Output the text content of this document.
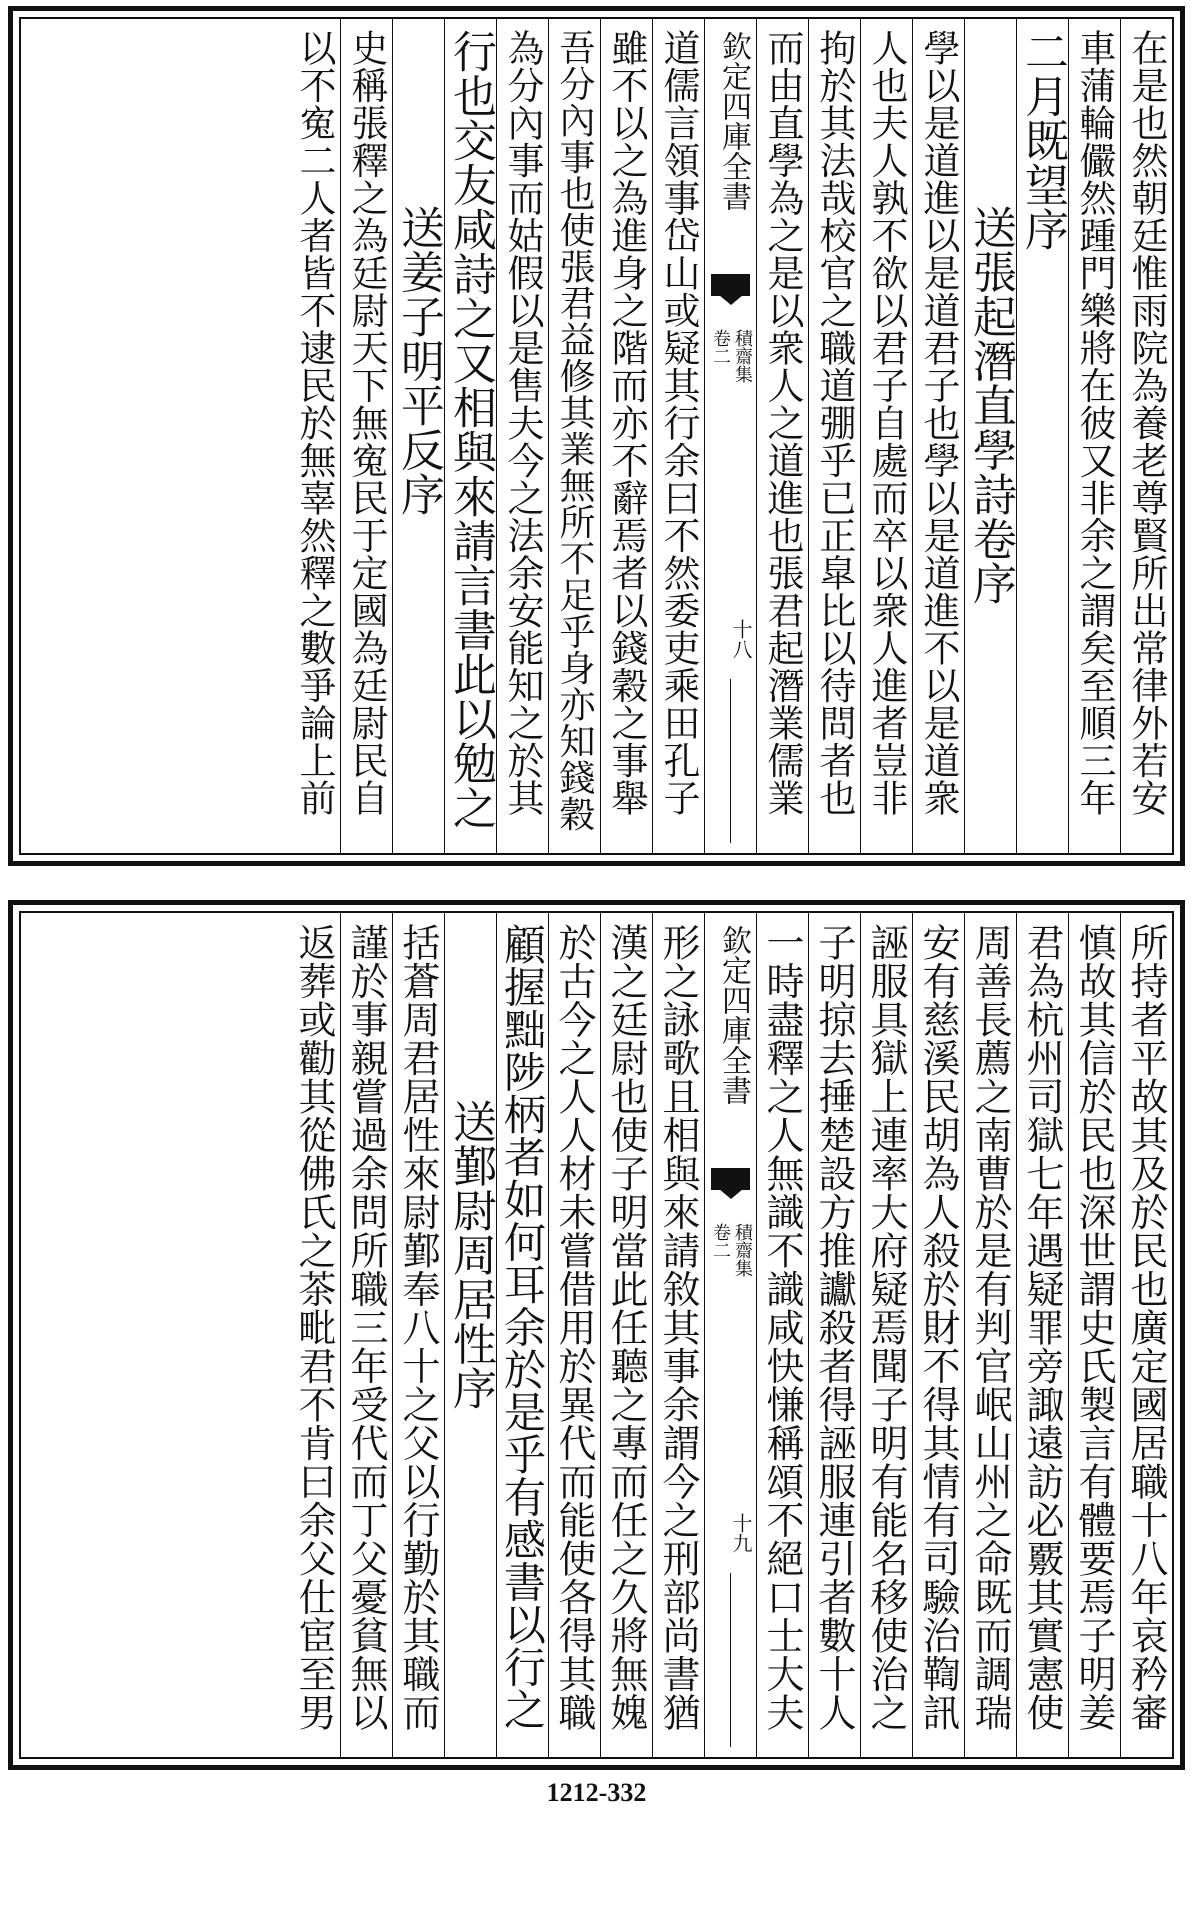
在是也然朝廷惟雨院為養老尊賢所出常律外若安
車蒲輪儼然踵門樂將在彼又非余之謂矣至順三年
二月既望序
送張起潛直學詩卷序
學以是道進以是道君子也學以是道進不以是道衆
人也夫人孰不欲以君子自處而卒以衆人進者豈非
拘於其法哉校官之職道弸乎已正皐比以待問者也
而由直學為之是以衆人之道進也張君起潛業儒業
欽定四庫全書
積齋集
卷二
十八
道儒言領事岱山或疑其行余曰不然委吏乘田孔子
雖不以之為進身之階而亦不辭焉者以錢穀之事舉
吾分內事也使張君益修其業無所不足乎身亦知錢穀
為分內事而姑假以是售夫今之法余安能知之於其
行也交友咸詩之又相與來請言書此以勉之
送姜子明平反序
史稱張釋之為廷尉天下無寃民于定國為廷尉民自
以不寃二人者皆不逮民於無辜然釋之數爭論上前
所持者平故其及於民也廣定國居職十八年哀矜審
慎故其信於民也深世謂史氏製言有體要焉子明姜
君為杭州司獄七年遇疑罪旁諏遠訪必覈其實憲使
周善長薦之南曹於是有判官岷山州之命既而調瑞
安有慈溪民胡為人殺於財不得其情有司驗治鞫訊
誣服具獄上連率大府疑焉聞子明有能名移使治之
子明掠去捶楚設方推讞殺者得誣服連引者數十人
一時盡釋之人無識不識咸快慊稱頌不絕口士大夫
欽定四庫全書
積齋集
卷二
十九
形之詠歌且相與來請敘其事余謂今之刑部尚書猶
漢之廷尉也使子明當此任聽之專而任之久將無媿
於古今之人人材未嘗借用於異代而能使各得其職
顧握黜陟柄者如何耳余於是乎有感書以行之
送鄞尉周居性序
括蒼周君居性來尉鄞奉八十之父以行勤於其職而
謹於事親嘗過余問所職三年受代而丁父憂貧無以
返葬或勸其從佛氏之茶毗君不肯曰余父仕宦至男
1212-332
